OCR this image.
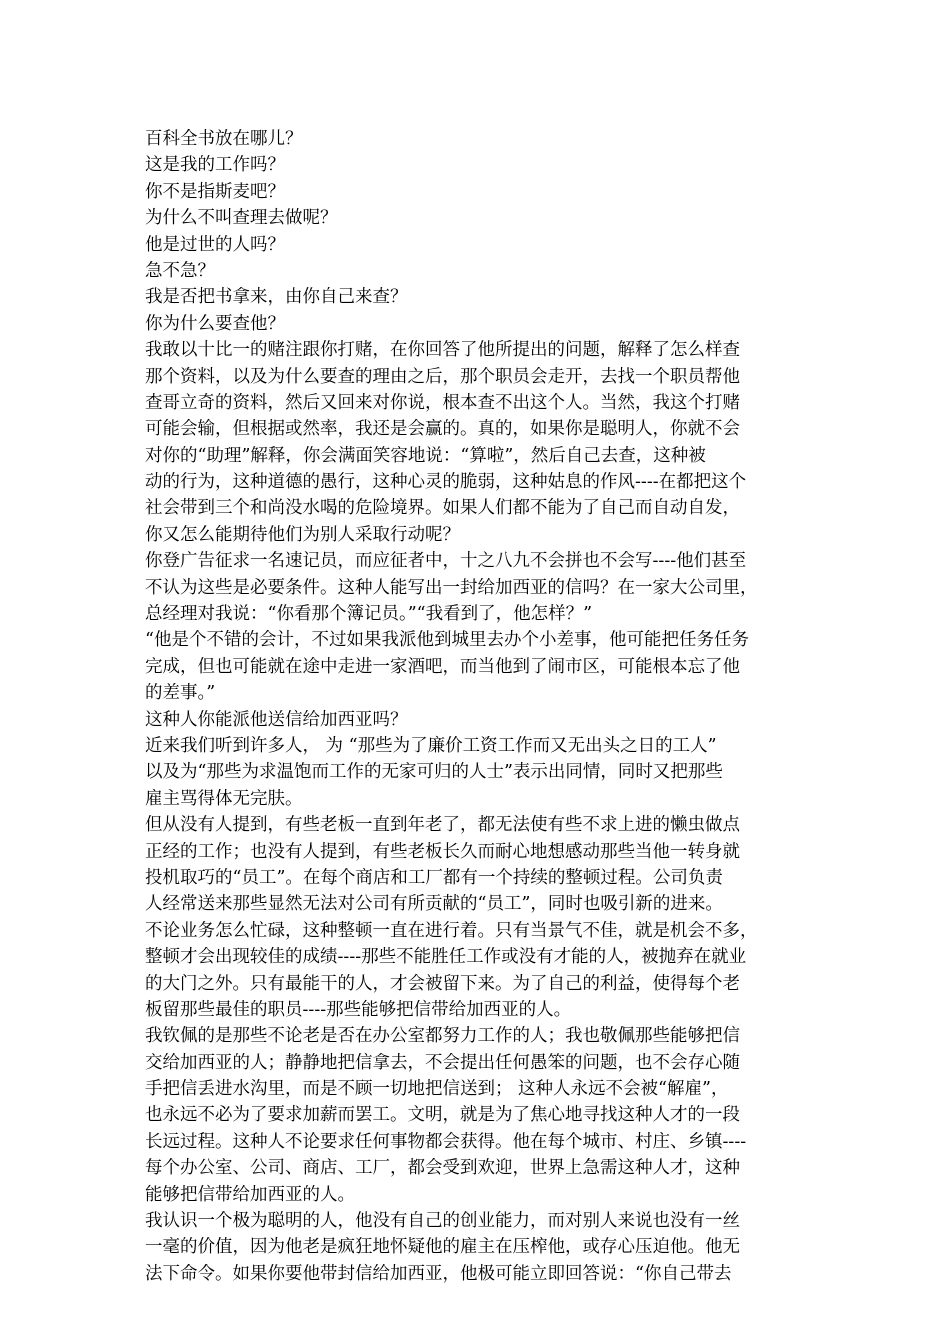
百科全书放在哪儿？
这是我的工作吗？
你不是指斯麦吧？
为什么不叫查理去做呢？
他是过世的人吗？
急不急？
我是否把书拿来，由你自己来查？
你为什么要查他？
我敢以十比一的赌注跟你打赌，在你回答了他所提出的问题，解释了怎么样查
那个资料，以及为什么要查的理由之后，那个职员会走开，去找一个职员帮他
查哥立奇的资料，然后又回来对你说，根本查不出这个人。当然，我这个打赌
可能会输，但根据或然率，我还是会赢的。真的，如果你是聪明人，你就不会
对你的“助理”解释，你会满面笑容地说：“算啦”，然后自己去查，这种被
动的行为，这种道德的愚行，这种心灵的脆弱，这种姑息的作风----在都把这个
社会带到三个和尚没水喝的危险境界。如果人们都不能为了自己而自动自发，
你又怎么能期待他们为别人采取行动呢？
你登广告征求一名速记员，而应征者中，十之八九不会拼也不会写----他们甚至
不认为这些是必要条件。这种人能写出一封给加西亚的信吗？在一家大公司里，
总经理对我说：“你看那个簿记员。”“我看到了，他怎样？”
“他是个不错的会计，不过如果我派他到城里去办个小差事，他可能把任务任务
完成，但也可能就在途中走进一家酒吧，而当他到了闹市区，可能根本忘了他
的差事。”
这种人你能派他送信给加西亚吗？
近来我们听到许多人， 为 “那些为了廉价工资工作而又无出头之日的工人”
以及为“那些为求温饱而工作的无家可归的人士”表示出同情，同时又把那些
雇主骂得体无完肤。
但从没有人提到，有些老板一直到年老了，都无法使有些不求上进的懒虫做点
正经的工作；也没有人提到，有些老板长久而耐心地想感动那些当他一转身就
投机取巧的“员工”。在每个商店和工厂都有一个持续的整顿过程。公司负责
人经常送来那些显然无法对公司有所贡献的“员工”，同时也吸引新的进来。
不论业务怎么忙碌，这种整顿一直在进行着。只有当景气不佳，就是机会不多，
整顿才会出现较佳的成绩----那些不能胜任工作或没有才能的人，被抛弃在就业
的大门之外。只有最能干的人，才会被留下来。为了自己的利益，使得每个老
板留那些最佳的职员----那些能够把信带给加西亚的人。
我钦佩的是那些不论老是否在办公室都努力工作的人；我也敬佩那些能够把信
交给加西亚的人；静静地把信拿去，不会提出任何愚笨的问题，也不会存心随
手把信丢进水沟里，而是不顾一切地把信送到； 这种人永远不会被“解雇”，
也永远不必为了要求加薪而罢工。文明，就是为了焦心地寻找这种人才的一段
长远过程。这种人不论要求任何事物都会获得。他在每个城市、村庄、乡镇----
每个办公室、公司、商店、工厂，都会受到欢迎，世界上急需这种人才，这种
能够把信带给加西亚的人。
我认识一个极为聪明的人，他没有自己的创业能力，而对别人来说也没有一丝
一毫的价值，因为他老是疯狂地怀疑他的雇主在压榨他，或存心压迫他。他无
法下命令。如果你要他带封信给加西亚，他极可能立即回答说：“你自己带去
